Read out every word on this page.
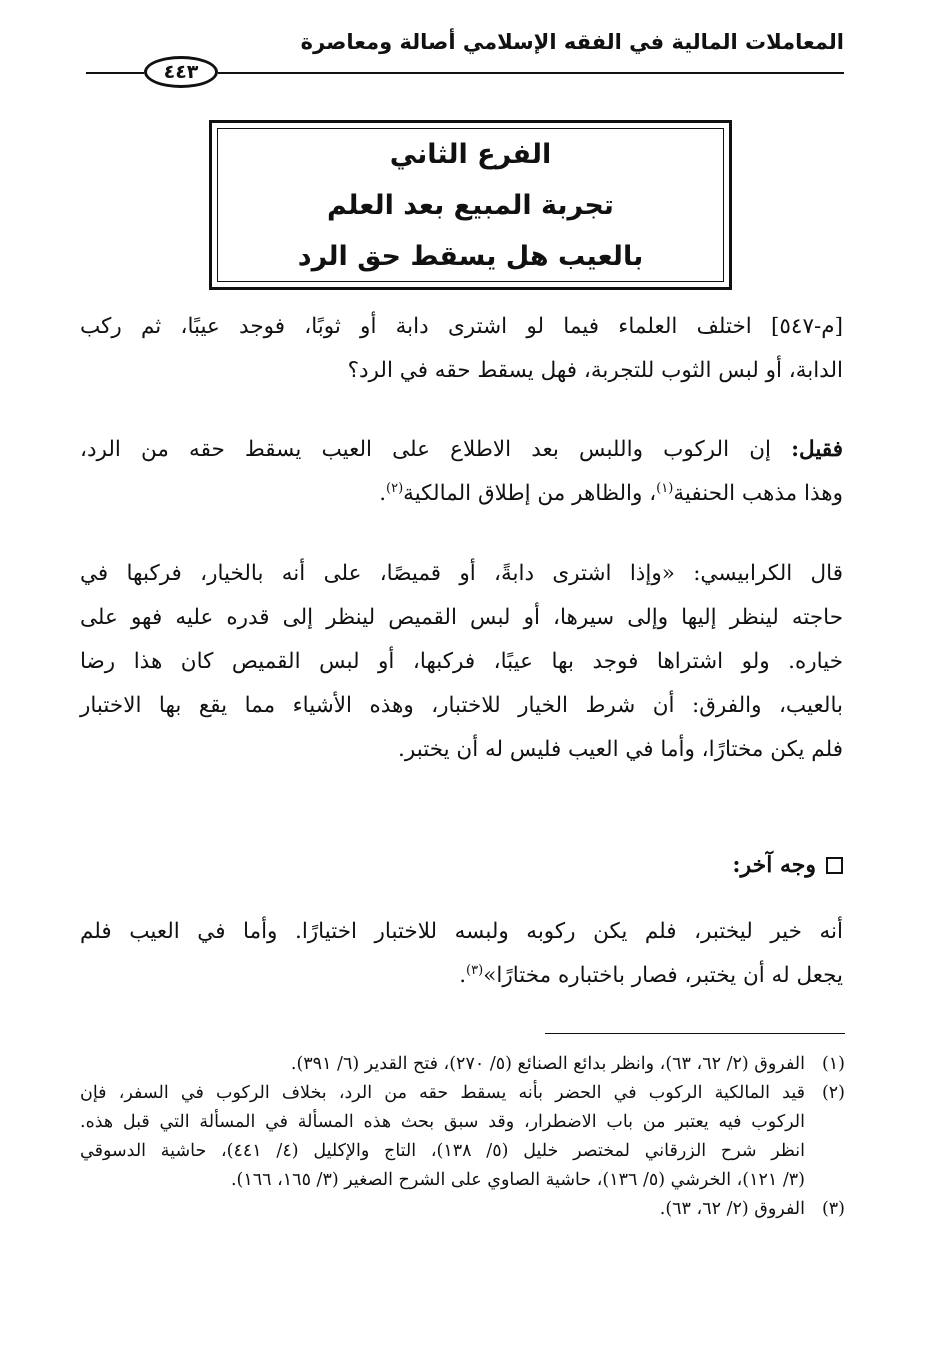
المعاملات المالية في الفقه الإسلامي أصالة ومعاصرة
٤٤٣
الفرع الثاني
تجربة المبيع بعد العلم
بالعيب هل يسقط حق الرد
[م-٥٤٧] اختلف العلماء فيما لو اشترى دابة أو ثوبًا، فوجد عيبًا، ثم ركب
الدابة، أو لبس الثوب للتجربة، فهل يسقط حقه في الرد؟
فقيل: إن الركوب واللبس بعد الاطلاع على العيب يسقط حقه من الرد،
وهذا مذهب الحنفية$^{(١)}$، والظاهر من إطلاق المالكية$^{(٢)}$.
قال الكرابيسي: «وإذا اشترى دابةً، أو قميصًا، على أنه بالخيار، فركبها في
حاجته لينظر إليها وإلى سيرها، أو لبس القميص لينظر إلى قدره عليه فهو على
خياره. ولو اشتراها فوجد بها عيبًا، فركبها، أو لبس القميص كان هذا رضا
بالعيب، والفرق: أن شرط الخيار للاختبار، وهذه الأشياء مما يقع بها الاختبار
فلم يكن مختارًا، وأما في العيب فليس له أن يختبر.
وجه آخر:
أنه خير ليختبر، فلم يكن ركوبه ولبسه للاختبار اختيارًا. وأما في العيب فلم
يجعل له أن يختبر، فصار باختباره مختارًا»$^{(٣)}$.
(١)
الفروق (٢/ ٦٢، ٦٣)، وانظر بدائع الصنائع (٥/ ٢٧٠)، فتح القدير (٦/ ٣٩١).
(٢)
قيد المالكية الركوب في الحضر بأنه يسقط حقه من الرد، بخلاف الركوب في السفر، فإن
الركوب فيه يعتبر من باب الاضطرار، وقد سبق بحث هذه المسألة في المسألة التي قبل هذه.
انظر شرح الزرقاني لمختصر خليل (٥/ ١٣٨)، التاج والإكليل (٤/ ٤٤١)، حاشية الدسوقي
(٣/ ١٢١)، الخرشي (٥/ ١٣٦)، حاشية الصاوي على الشرح الصغير (٣/ ١٦٥، ١٦٦).
(٣)
الفروق (٢/ ٦٢، ٦٣).
